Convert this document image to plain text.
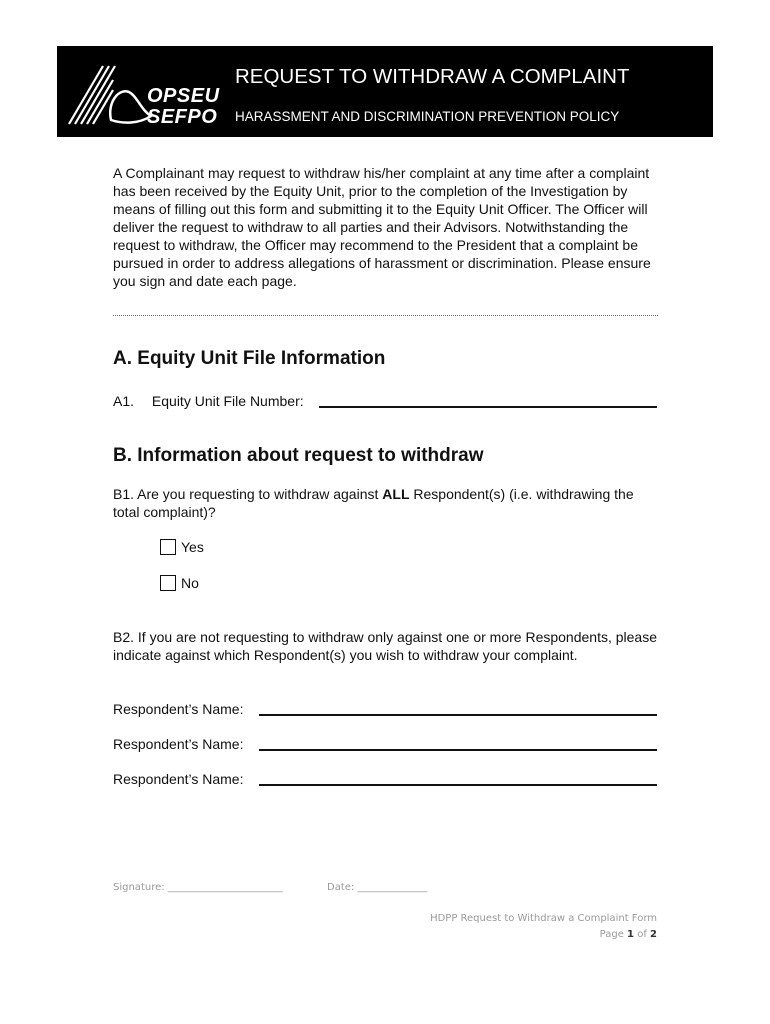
OPSEU
SEFPO
REQUEST TO WITHDRAW A COMPLAINT
HARASSMENT AND DISCRIMINATION PREVENTION POLICY

A Complainant may request to withdraw his/her complaint at any time after a complaint has been received by the Equity Unit, prior to the completion of the Investigation by means of filling out this form and submitting it to the Equity Unit Officer. The Officer will deliver the request to withdraw to all parties and their Advisors. Notwithstanding the request to withdraw, the Officer may recommend to the President that a complaint be pursued in order to address allegations of harassment or discrimination. Please ensure you sign and date each page.

A. Equity Unit File Information
A1. Equity Unit File Number:
B. Information about request to withdraw

B1. Are you requesting to withdraw against ALL Respondent(s) (i.e. withdrawing the total complaint)?

Yes
No

B2. If you are not requesting to withdraw only against one or more Respondents, please indicate against which Respondent(s) you wish to withdraw your complaint.

Respondent’s Name:
Respondent’s Name:
Respondent’s Name:
Signature: _______________________	Date: ______________
HDPP Request to Withdraw a Complaint Form
Page 1 of 2
